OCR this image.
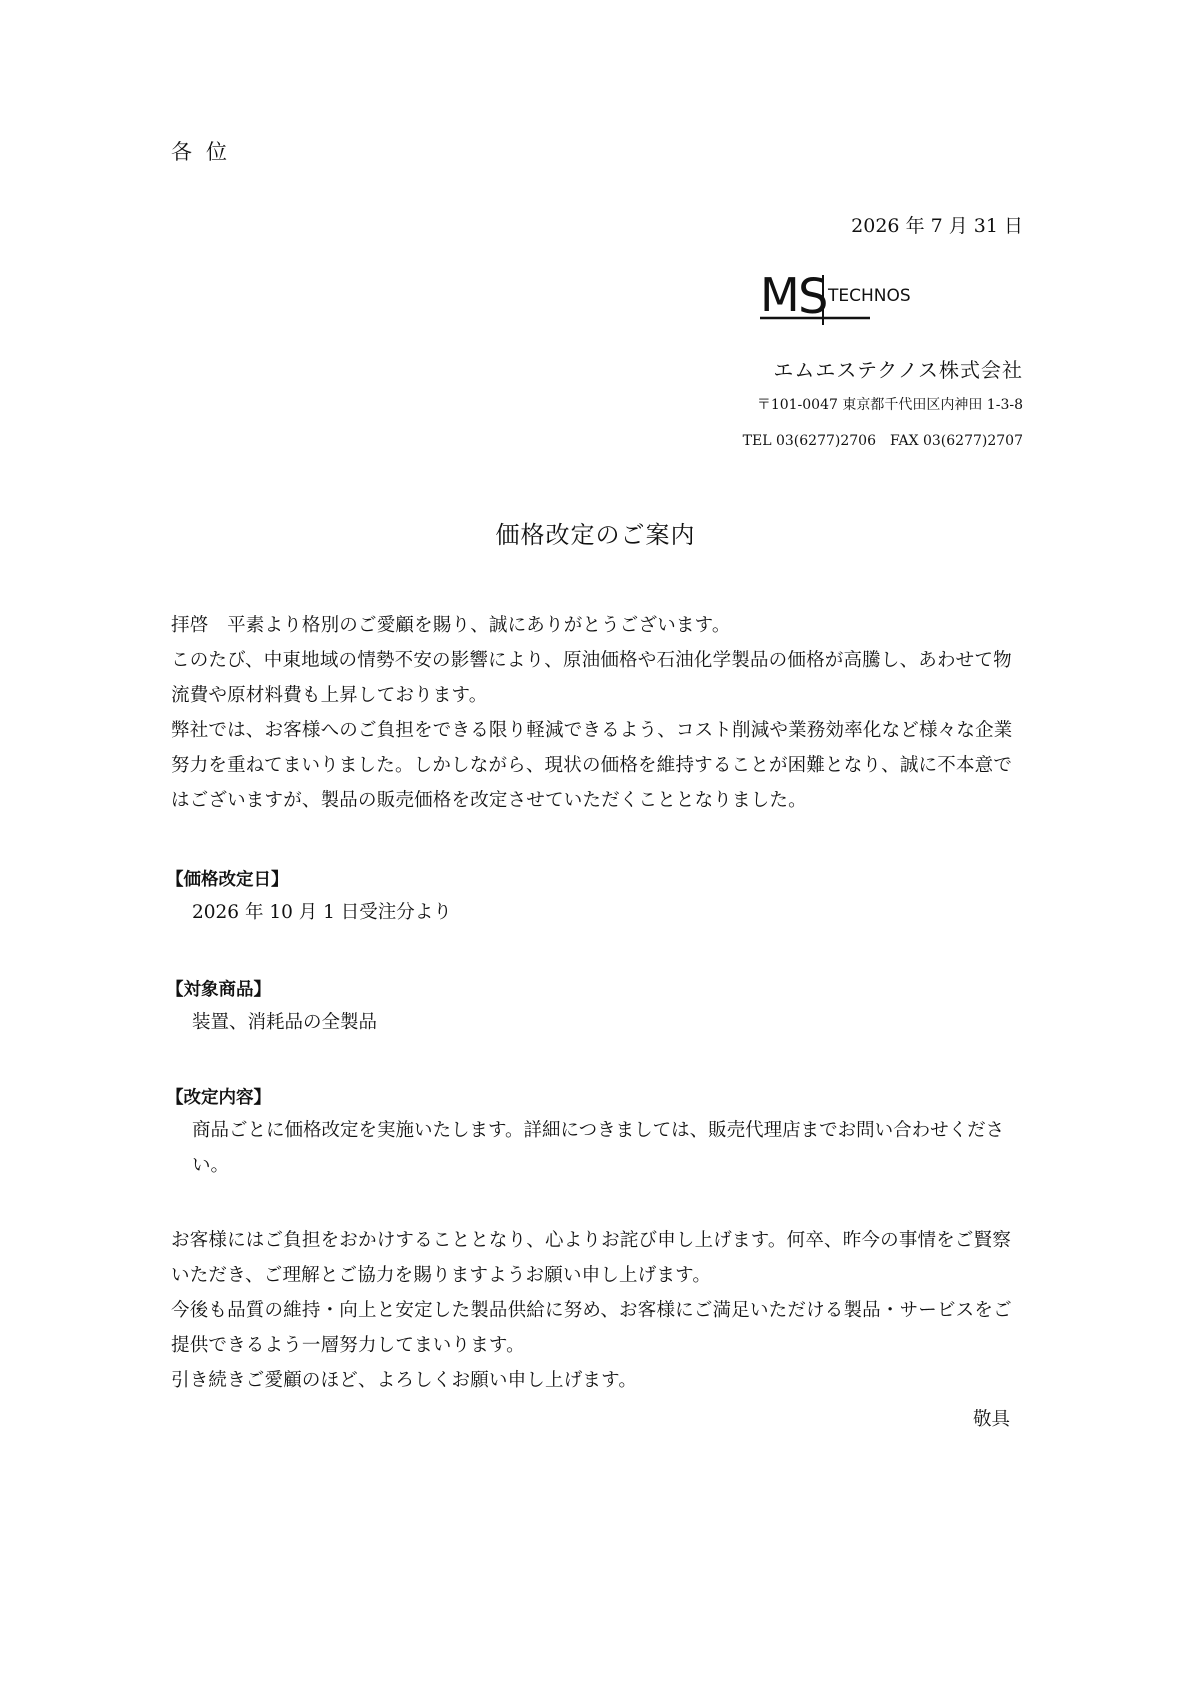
各位
2026 年 7 月 31 日
M
S TECHNOS
エムエステクノス株式会社
〒101-0047 東京都千代田区内神田 1-3-8
TEL 03(6277)2706　FAX 03(6277)2707
価格改定のご案内

拝啓　平素より格別のご愛顧を賜り、誠にありがとうございます。

このたび、中東地域の情勢不安の影響により、原油価格や石油化学製品の価格が高騰し、あわせて物流費や原材料費も上昇しております。

弊社では、お客様へのご負担をできる限り軽減できるよう、コスト削減や業務効率化など様々な企業努力を重ねてまいりました。しかしながら、現状の価格を維持することが困難となり、誠に不本意ではございますが、製品の販売価格を改定させていただくこととなりました。

【価格改定日】
2026 年 10 月 1 日受注分より
【対象商品】
装置、消耗品の全製品
【改定内容】
商品ごとに価格改定を実施いたします。詳細につきましては、販売代理店までお問い合わせください。

お客様にはご負担をおかけすることとなり、心よりお詫び申し上げます。何卒、昨今の事情をご賢察いただき、ご理解とご協力を賜りますようお願い申し上げます。

今後も品質の維持・向上と安定した製品供給に努め、お客様にご満足いただける製品・サービスをご提供できるよう一層努力してまいります。

引き続きご愛顧のほど、よろしくお願い申し上げます。

敬具
